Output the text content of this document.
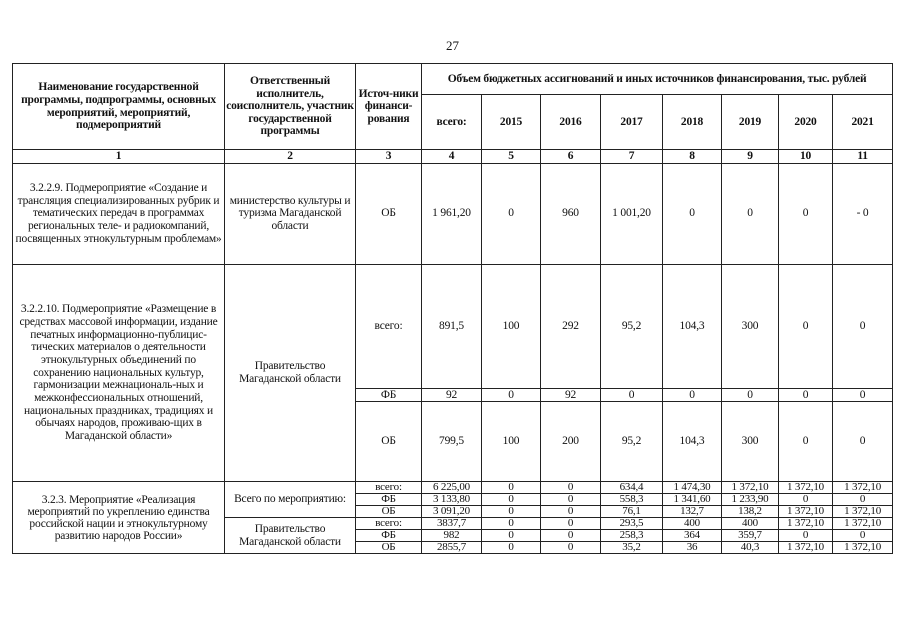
27
Наименование государственной программы, подпрограммы, основных мероприятий, мероприятий, подмероприятий	Ответственный исполнитель, соисполнитель, участник государственной программы	Источ-ники финанси-рования	Объем бюджетных ассигнований и иных источников финансирования, тыс. рублей							
			всего:	2015	2016	2017	2018	2019	2020	2021
1	2	3	4	5	6	7	8	9	10	11
3.2.2.9. Подмероприятие «Создание и трансляция специализированных рубрик и тематических передач в программах региональных теле- и радиокомпаний, посвященных этнокультурным проблемам»	министерство культуры и туризма Магаданской области	ОБ	1 961,20	0	960	1 001,20	0	0	0	- 0
3.2.2.10. Подмероприятие «Размещение в средствах массовой информации, издание печатных информационно-публицис-тических материалов о деятельности этнокультурных объединений по сохранению национальных культур, гармонизации межнациональ-ных и межконфессиональных отношений, национальных праздниках, традициях и обычаях народов, проживаю-щих в Магаданской области»	Правительство Магаданской области	всего:	891,5	100	292	95,2	104,3	300	0	0
		ФБ	92	0	92	0	0	0	0	0
		ОБ	799,5	100	200	95,2	104,3	300	0	0
3.2.3. Мероприятие «Реализация мероприятий по укреплению единства российской нации и этнокультурному развитию народов России»	Всего по мероприятию:	всего:	6 225,00	0	0	634,4	1 474,30	1 372,10	1 372,10	1 372,10
		ФБ	3 133,80	0	0	558,3	1 341,60	1 233,90	0	0
		ОБ	3 091,20	0	0	76,1	132,7	138,2	1 372,10	1 372,10
	Правительство Магаданской области	всего:	3837,7	0	0	293,5	400	400	1 372,10	1 372,10
		ФБ	982	0	0	258,3	364	359,7	0	0
		ОБ	2855,7	0	0	35,2	36	40,3	1 372,10	1 372,10
